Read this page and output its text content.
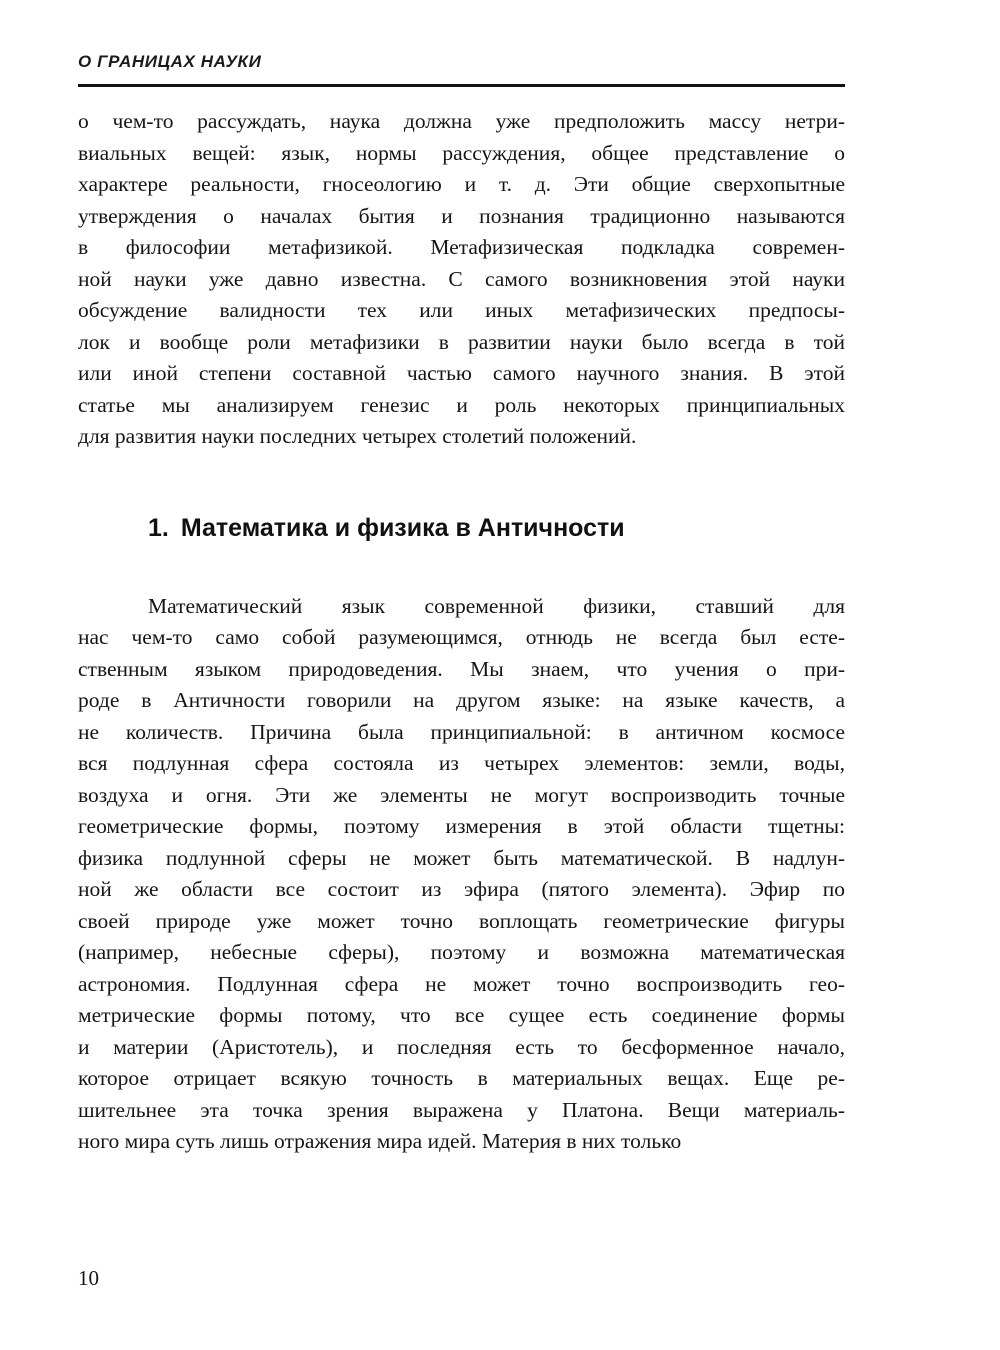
О ГРАНИЦАХ НАУКИ
о чем-то рассуждать, наука должна уже предположить массу нетри-
виальных вещей: язык, нормы рассуждения, общее представление о
характере реальности, гносеологию и т. д. Эти общие сверхопытные
утверждения о началах бытия и познания традиционно называются
в философии метафизикой. Метафизическая подкладка современ-
ной науки уже давно известна. С самого возникновения этой науки
обсуждение валидности тех или иных метафизических предпосы-
лок и вообще роли метафизики в развитии науки было всегда в той
или иной степени составной частью самого научного знания. В этой
статье мы анализируем генезис и роль некоторых принципиальных
для развития науки последних четырех столетий положений.
1. Математика и физика в Античности
Математический язык современной физики, ставший для
нас чем-то само собой разумеющимся, отнюдь не всегда был есте-
ственным языком природоведения. Мы знаем, что учения о при-
роде в Античности говорили на другом языке: на языке качеств, а
не количеств. Причина была принципиальной: в античном космосе
вся подлунная сфера состояла из четырех элементов: земли, воды,
воздуха и огня. Эти же элементы не могут воспроизводить точные
геометрические формы, поэтому измерения в этой области тщетны:
физика подлунной сферы не может быть математической. В надлун-
ной же области все состоит из эфира (пятого элемента). Эфир по
своей природе уже может точно воплощать геометрические фигуры
(например, небесные сферы), поэтому и возможна математическая
астрономия. Подлунная сфера не может точно воспроизводить гео-
метрические формы потому, что все сущее есть соединение формы
и материи (Аристотель), и последняя есть то бесформенное начало,
которое отрицает всякую точность в материальных вещах. Еще ре-
шительнее эта точка зрения выражена у Платона. Вещи материаль-
ного мира суть лишь отражения мира идей. Материя в них только
10
